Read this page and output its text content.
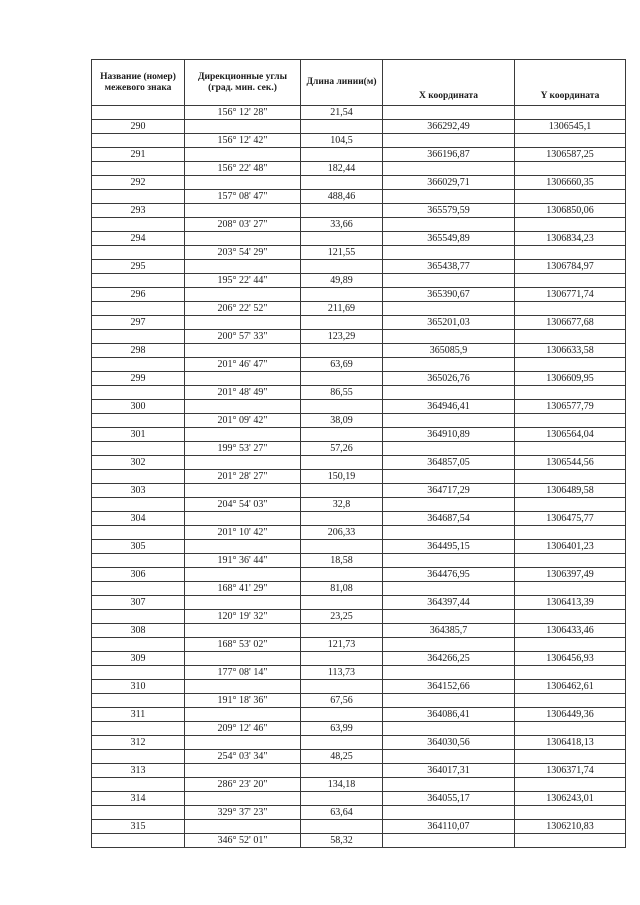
Название (номер) межевого знака	Дирекционные углы (град. мин. сек.)	Длина линии(м)	X координата	Y координата
	156° 12' 28"	21,54		
290			366292,49	1306545,1
	156° 12' 42"	104,5		
291			366196,87	1306587,25
	156° 22' 48"	182,44		
292			366029,71	1306660,35
	157° 08' 47"	488,46		
293			365579,59	1306850,06
	208° 03' 27"	33,66		
294			365549,89	1306834,23
	203° 54' 29"	121,55		
295			365438,77	1306784,97
	195° 22' 44"	49,89		
296			365390,67	1306771,74
	206° 22' 52"	211,69		
297			365201,03	1306677,68
	200° 57' 33"	123,29		
298			365085,9	1306633,58
	201° 46' 47"	63,69		
299			365026,76	1306609,95
	201° 48' 49"	86,55		
300			364946,41	1306577,79
	201° 09' 42"	38,09		
301			364910,89	1306564,04
	199° 53' 27"	57,26		
302			364857,05	1306544,56
	201° 28' 27"	150,19		
303			364717,29	1306489,58
	204° 54' 03"	32,8		
304			364687,54	1306475,77
	201° 10' 42"	206,33		
305			364495,15	1306401,23
	191° 36' 44"	18,58		
306			364476,95	1306397,49
	168° 41' 29"	81,08		
307			364397,44	1306413,39
	120° 19' 32"	23,25		
308			364385,7	1306433,46
	168° 53' 02"	121,73		
309			364266,25	1306456,93
	177° 08' 14"	113,73		
310			364152,66	1306462,61
	191° 18' 36"	67,56		
311			364086,41	1306449,36
	209° 12' 46"	63,99		
312			364030,56	1306418,13
	254° 03' 34"	48,25		
313			364017,31	1306371,74
	286° 23' 20"	134,18		
314			364055,17	1306243,01
	329° 37' 23"	63,64		
315			364110,07	1306210,83
	346° 52' 01"	58,32		
